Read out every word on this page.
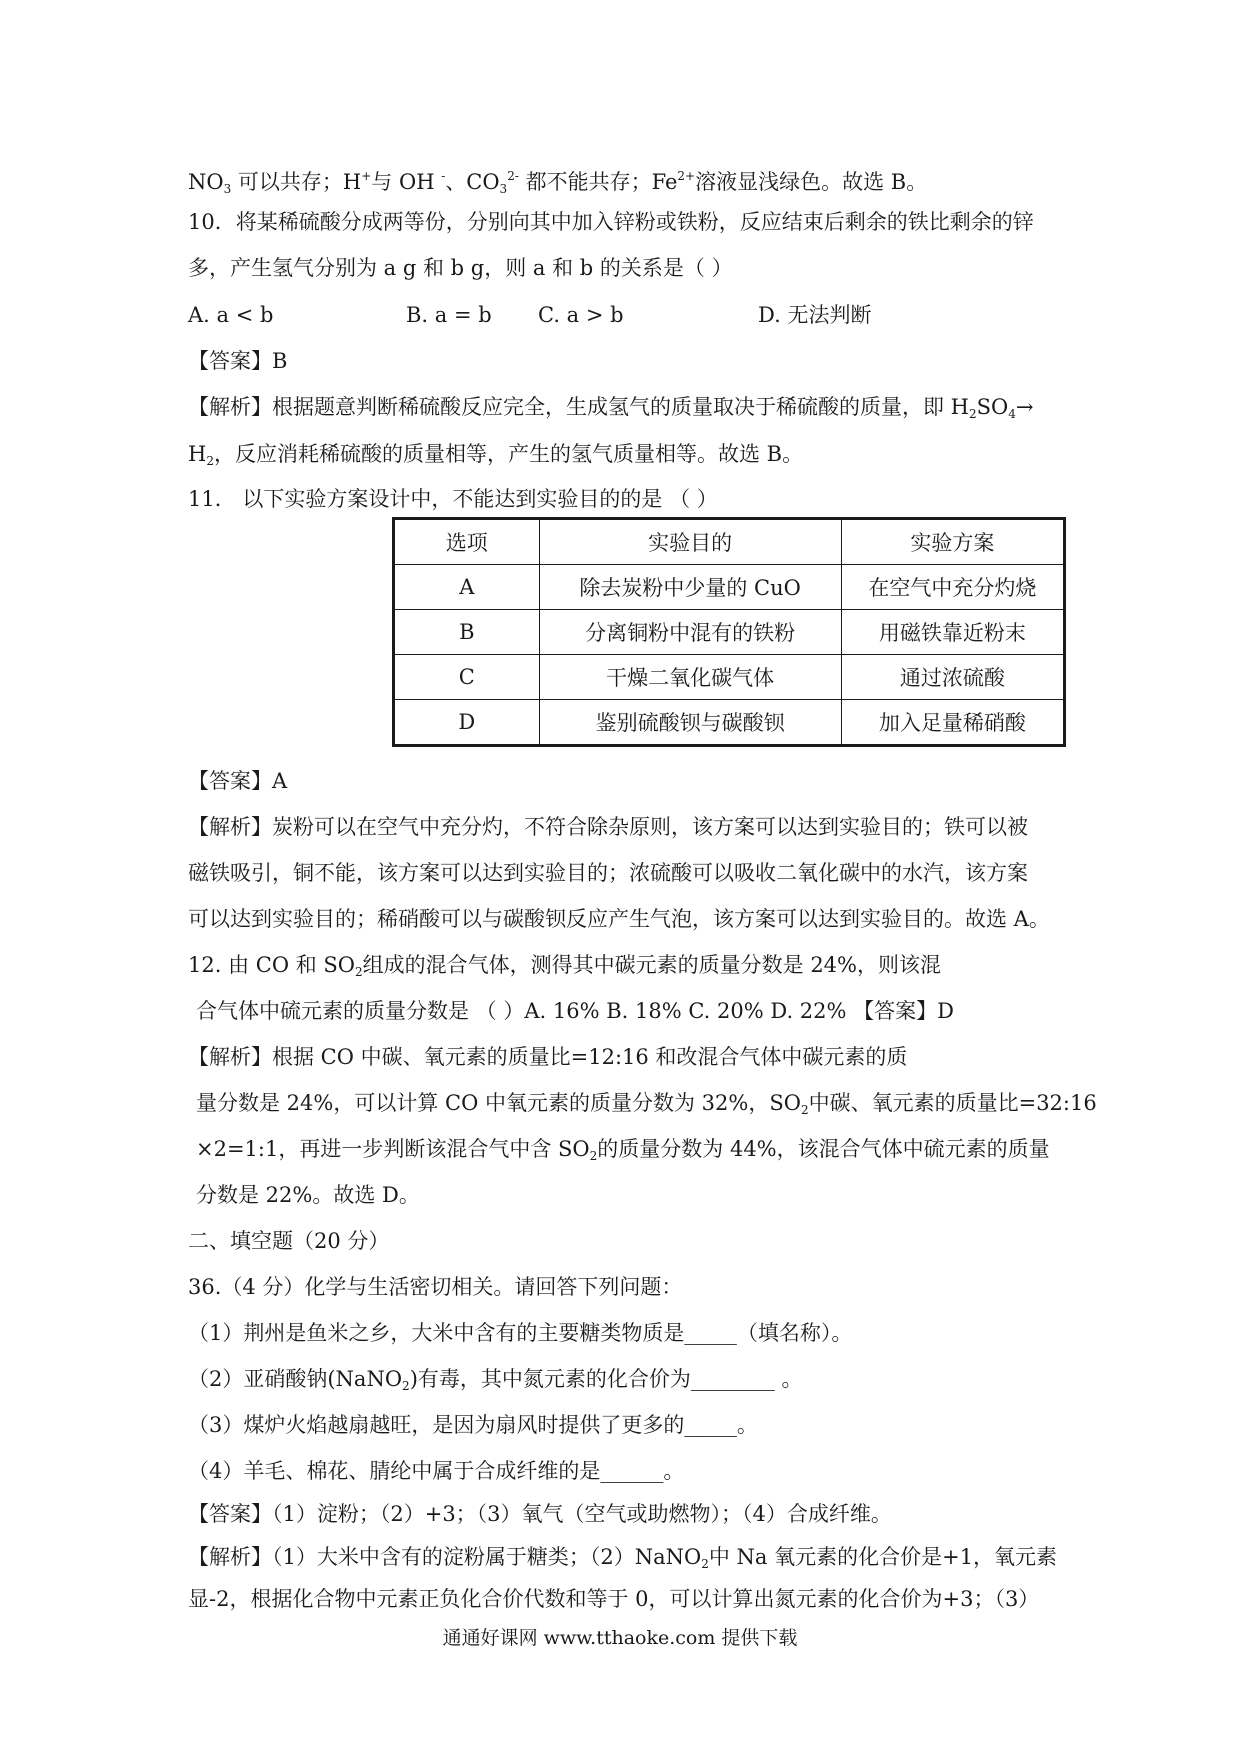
$NO_3$ 可以共存；H+与 OH -、$CO_3^{2-}$ 都不能共存；$Fe^{2+}$溶液显浅绿色。故选 B。
10．将某稀硫酸分成两等份，分别向其中加入锌粉或铁粉，反应结束后剩余的铁比剩余的锌
多，产生氢气分别为 a g 和 b g，则 a 和 b 的关系是（ ）
A. a < b	B. a = b C. a > b	D. 无法判断
【答案】B
【解析】根据题意判断稀硫酸反应完全，生成氢气的质量取决于稀硫酸的质量，即 $H_2SO_4\to$
$H_2$，反应消耗稀硫酸的质量相等，产生的氢气质量相等。故选 B。
11． 以下实验方案设计中，不能达到实验目的的是 （ ）
选项	实验目的	实验方案
A	除去炭粉中少量的 CuO	在空气中充分灼烧
B	分离铜粉中混有的铁粉	用磁铁靠近粉末
C	干燥二氧化碳气体	通过浓硫酸
D	鉴别硫酸钡与碳酸钡	加入足量稀硝酸
【答案】A
【解析】炭粉可以在空气中充分灼，不符合除杂原则，该方案可以达到实验目的；铁可以被
磁铁吸引，铜不能，该方案可以达到实验目的；浓硫酸可以吸收二氧化碳中的水汽，该方案
可以达到实验目的；稀硝酸可以与碳酸钡反应产生气泡，该方案可以达到实验目的。故选 A。
12. 由 CO 和 $SO_2$组成的混合气体，测得其中碳元素的质量分数是 24%，则该混
合气体中硫元素的质量分数是 （ ）A. 16% B. 18% C. 20% D. 22% 【答案】D
【解析】根据 CO 中碳、氧元素的质量比=12:16 和改混合气体中碳元素的质
量分数是 24%，可以计算 CO 中氧元素的质量分数为 32%，$SO_2$中碳、氧元素的质量比=32:16
×2=1:1，再进一步判断该混合气中含 $SO_2$的质量分数为 44%，该混合气体中硫元素的质量
分数是 22%。故选 D。
二、填空题（20 分）
36.（4 分）化学与生活密切相关。请回答下列问题：
（1）荆州是鱼米之乡，大米中含有的主要糖类物质是_____（填名称）。
（2）亚硝酸钠(NaNO$_2$)有毒，其中氮元素的化合价为________ 。
（3）煤炉火焰越扇越旺，是因为扇风时提供了更多的_____。
（4）羊毛、棉花、腈纶中属于合成纤维的是______。
【答案】（1）淀粉；（2）+3；（3）氧气（空气或助燃物）；（4）合成纤维。
【解析】（1）大米中含有的淀粉属于糖类；（2）NaNO$_2$中 Na 氧元素的化合价是+1，氧元素
显-2，根据化合物中元素正负化合价代数和等于 0，可以计算出氮元素的化合价为+3；（3）
通通好课网 www.tthaoke.com 提供下载
